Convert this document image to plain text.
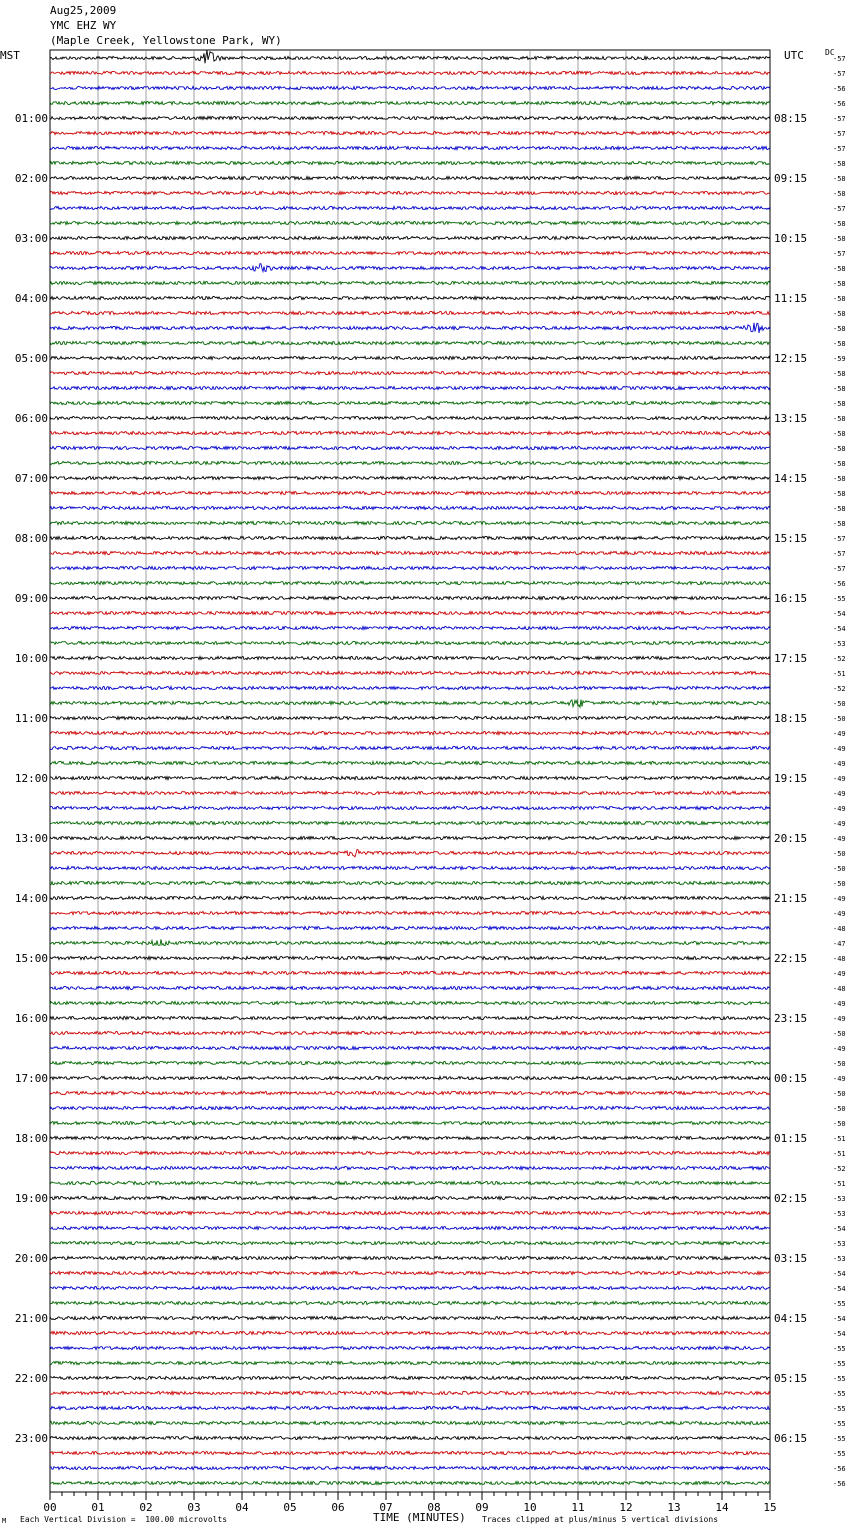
Aug25,2009
YMC EHZ WY
(Maple Creek, Yellowstone Park, WY)
MST	UTC	DC
-57
-57
-56
-56
-57
-57
-57
-58
-58
-58
-57
-58
-58
-57
-58
-58
-58
-58
-58
-58
-59
-58
-58
-58
-58
-58
-58
-58
-58
-58
-58
-58
-57
-57
-57
-56
-55
-54
-54
-53
-52
-51
-52
-50
-50
-49
-49
-49
-49
-49
-49
-49
-49
-50
-50
-50
-49
-49
-48
-47
-48
-49
-48
-49
-49
-50
-49
-50
-49
-50
-50
-50
-51
-51
-52
-51
-53
-53
-54
-53
-53
-54
-54
-55
-54
-54
-55
-55
-55
-55
-55
-55
-55
-55
-56
-56
01:00
02:00
03:00
04:00
05:00
06:00
07:00
08:00
09:00
10:00
11:00
12:00
13:00
14:00
15:00
16:00
17:00
18:00
19:00
20:00
21:00
22:00
23:00
08:15
09:15
10:15
11:15
12:15
13:15
14:15
15:15
16:15
17:15
18:15
19:15
20:15
21:15
22:15
23:15
00:15
01:15
02:15
03:15
04:15
05:15
06:15
00	01	02	03	04	05	06	07	08	09	10	11	12	13	14	15
M Each Vertical Division =  100.00 microvolts	TIME (MINUTES) Traces clipped at plus/minus 5 vertical divisions
